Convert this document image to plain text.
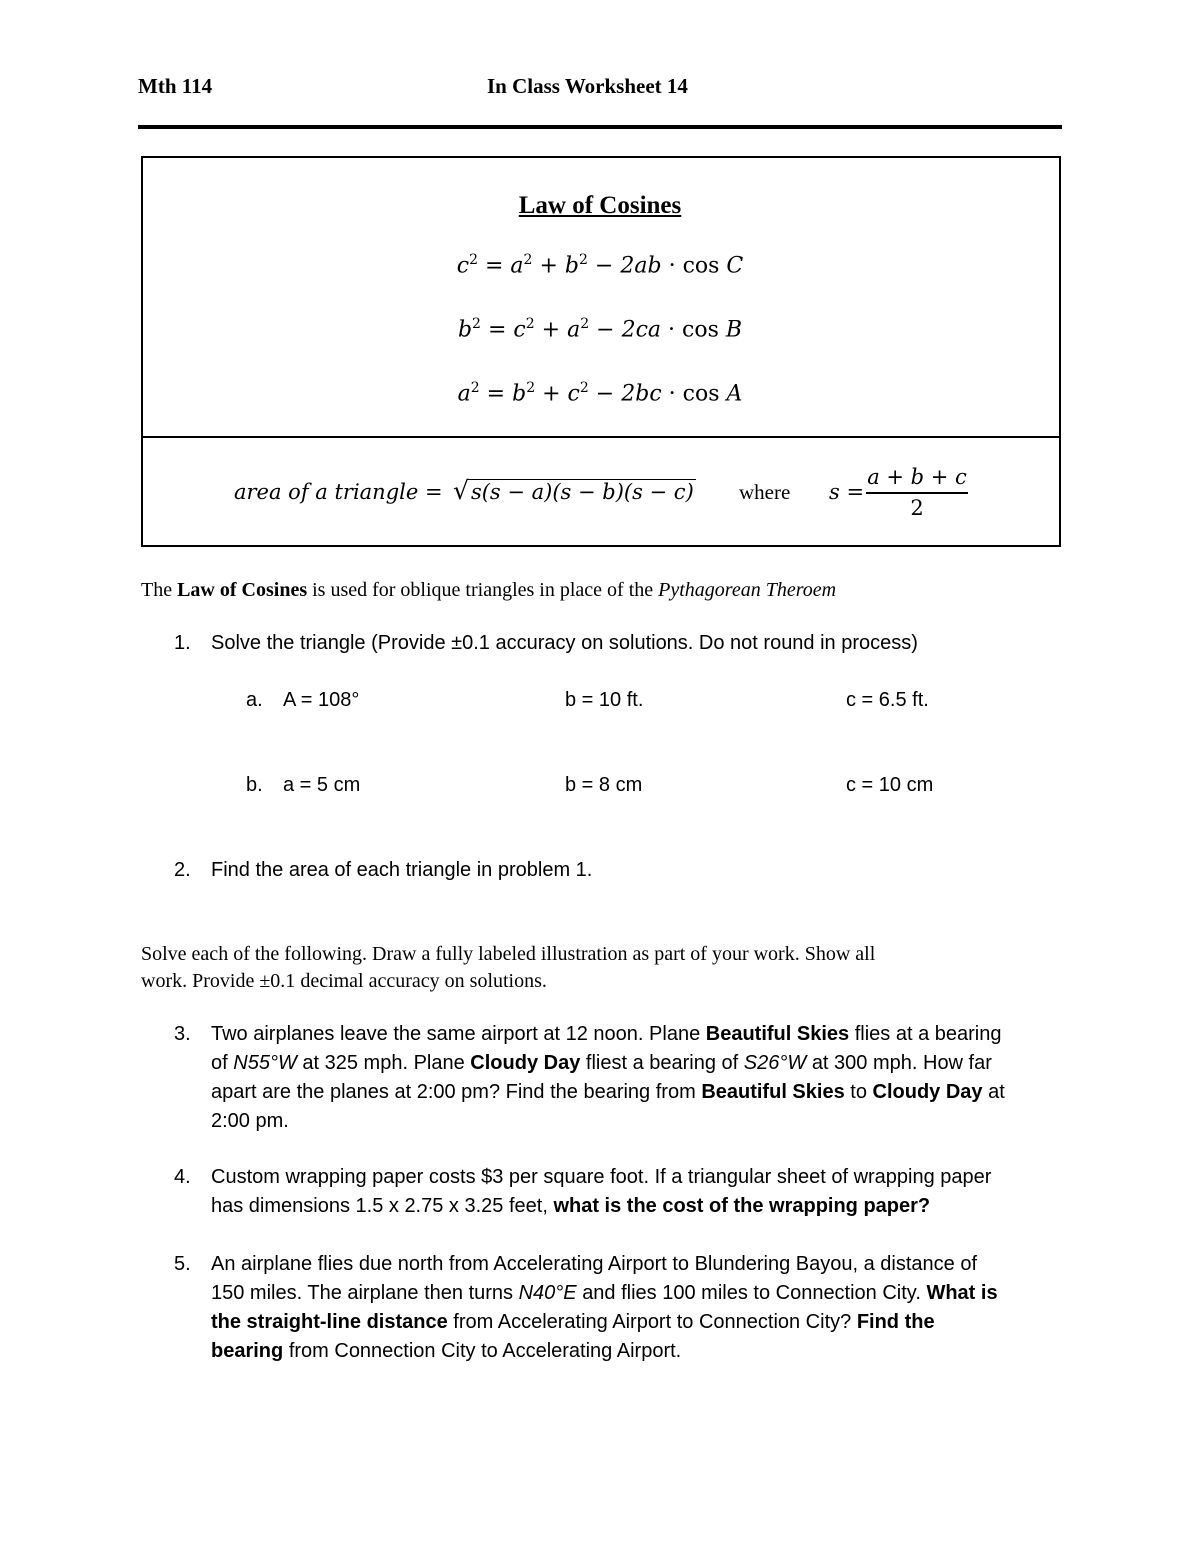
Mth 114	In Class Worksheet 14
Law of Cosines
$c^2 = a^2 + b^2 - 2ab \cdot \cos C$
$b^2 = c^2 + a^2 - 2ca \cdot \cos B$
$a^2 = b^2 + c^2 - 2bc \cdot \cos A$
area of a triangle = √s(s − a)(s − b)(s − c) where $s = \frac{a + b + c}{2}$
The Law of Cosines is used for oblique triangles in place of the Pythagorean Theroem
1. Solve the triangle (Provide ±0.1 accuracy on solutions. Do not round in process)
a. A = 108°	b = 10 ft.	c = 6.5 ft.
b. a = 5 cm	b = 8 cm	c = 10 cm
2. Find the area of each triangle in problem 1.
Solve each of the following. Draw a fully labeled illustration as part of your work. Show all
work. Provide ±0.1 decimal accuracy on solutions.
3. Two airplanes leave the same airport at 12 noon. Plane Beautiful Skies flies at a bearing
of N55°W at 325 mph. Plane Cloudy Day fliest a bearing of S26°W at 300 mph. How far
apart are the planes at 2:00 pm? Find the bearing from Beautiful Skies to Cloudy Day at
2:00 pm.
4. Custom wrapping paper costs $3 per square foot. If a triangular sheet of wrapping paper
has dimensions 1.5 x 2.75 x 3.25 feet, what is the cost of the wrapping paper?
5. An airplane flies due north from Accelerating Airport to Blundering Bayou, a distance of
150 miles. The airplane then turns N40°E and flies 100 miles to Connection City. What is
the straight-line distance from Accelerating Airport to Connection City? Find the
bearing from Connection City to Accelerating Airport.
